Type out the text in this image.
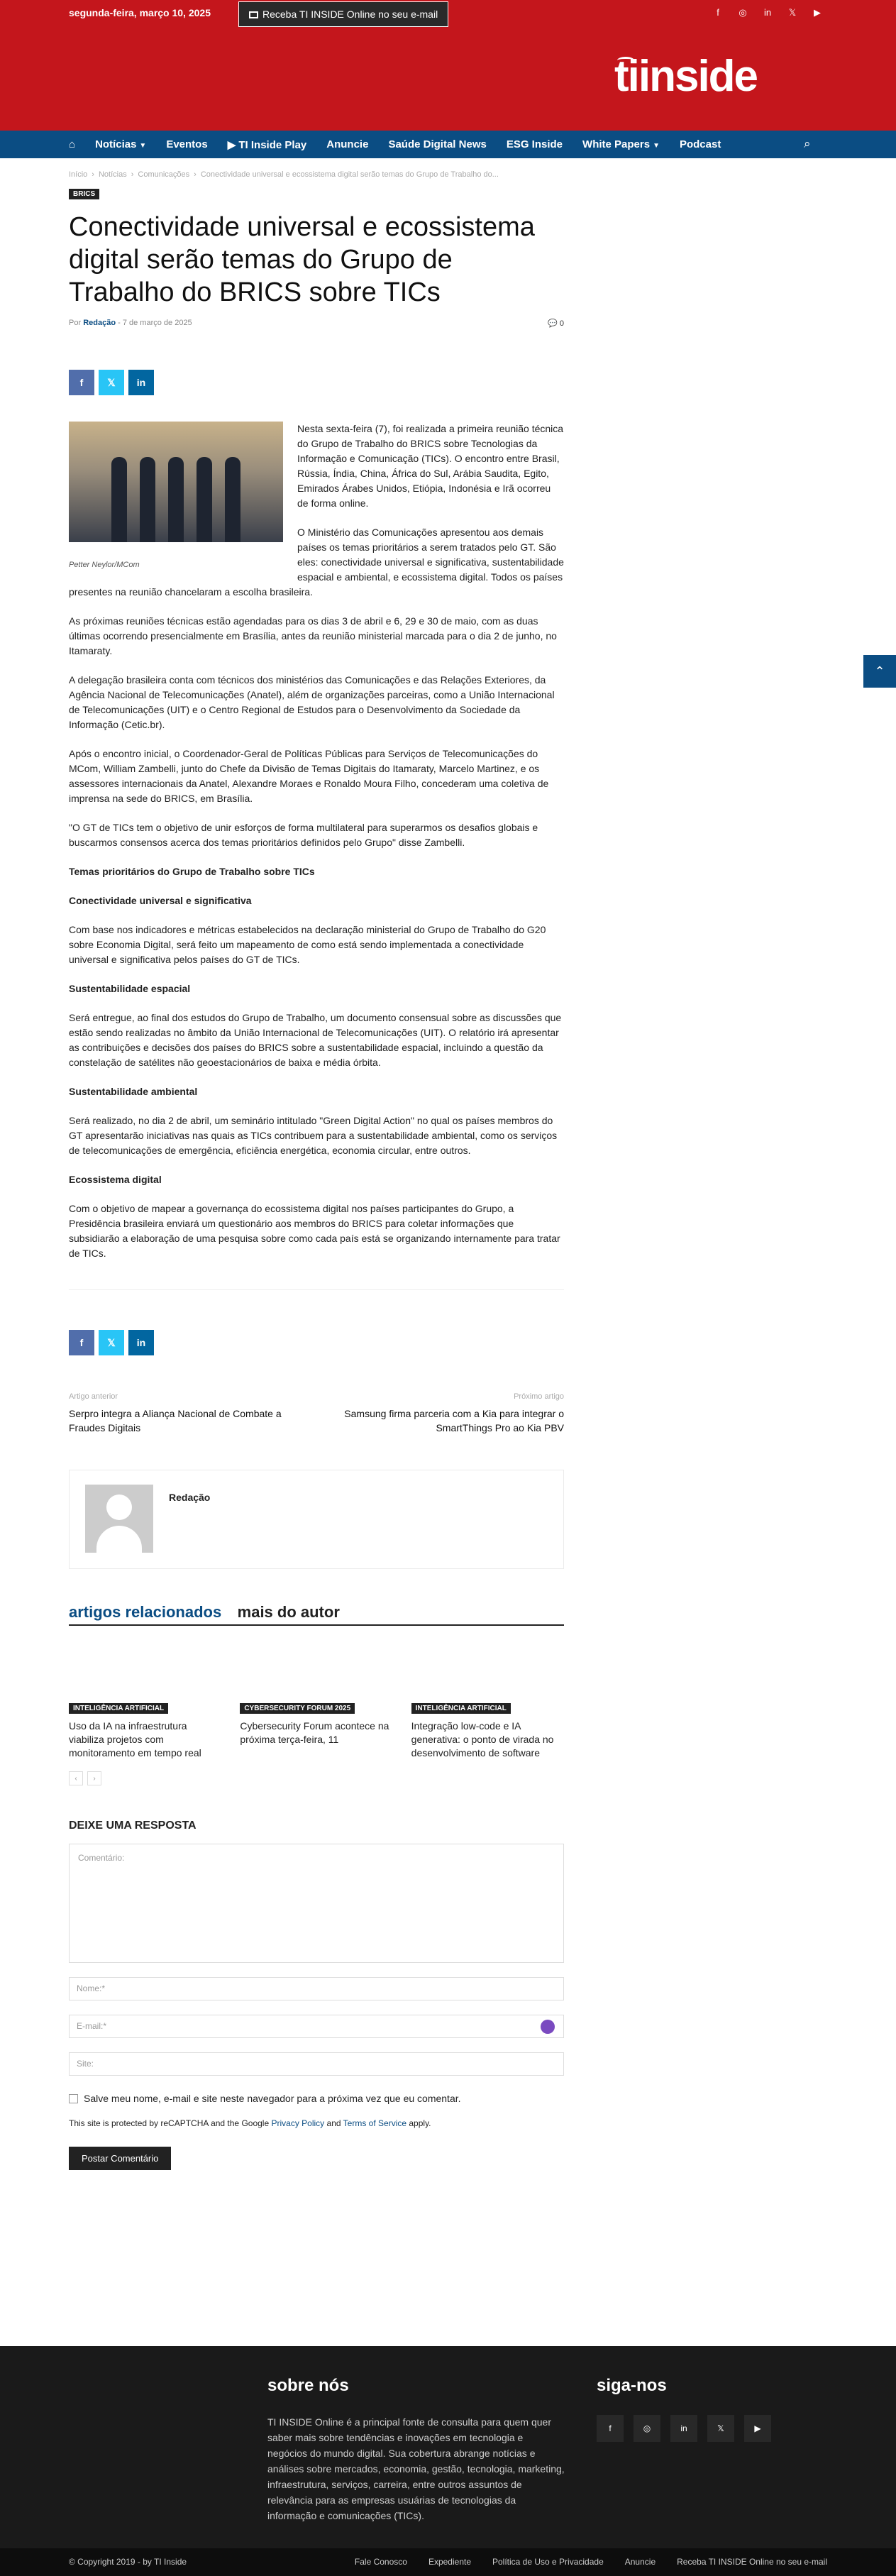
segunda-feira, março 10, 2025	Receba TI INSIDE Online no seu e-mail	f	◎ in 𝕏 ▶
tiinside
⌂ Notícias ▼ Eventos ▶ TI Inside Play Anuncie Saúde Digital News ESG Inside White Papers ▼ Podcast	⌕
Início › Notícias › Comunicações › Conectividade universal e ecossistema digital serão temas do Grupo de Trabalho do...
BRICS
Conectividade universal e ecossistema digital serão temas do Grupo de Trabalho do BRICS sobre TICs
Por Redação - 7 de março de 2025	💬 0
f	𝕏	in
Petter Neylor/MCom

Nesta sexta-feira (7), foi realizada a primeira reunião técnica do Grupo de Trabalho do BRICS sobre Tecnologias da Informação e Comunicação (TICs). O encontro entre Brasil, Rússia, Índia, China, África do Sul, Arábia Saudita, Egito, Emirados Árabes Unidos, Etiópia, Indonésia e Irã ocorreu de forma online.

O Ministério das Comunicações apresentou aos demais países os temas prioritários a serem tratados pelo GT. São eles: conectividade universal e significativa, sustentabilidade espacial e ambiental, e ecossistema digital. Todos os países presentes na reunião chancelaram a escolha brasileira.

As próximas reuniões técnicas estão agendadas para os dias 3 de abril e 6, 29 e 30 de maio, com as duas últimas ocorrendo presencialmente em Brasília, antes da reunião ministerial marcada para o dia 2 de junho, no Itamaraty.

A delegação brasileira conta com técnicos dos ministérios das Comunicações e das Relações Exteriores, da Agência Nacional de Telecomunicações (Anatel), além de organizações parceiras, como a União Internacional de Telecomunicações (UIT) e o Centro Regional de Estudos para o Desenvolvimento da Sociedade da Informação (Cetic.br).

Após o encontro inicial, o Coordenador-Geral de Políticas Públicas para Serviços de Telecomunicações do MCom, William Zambelli, junto do Chefe da Divisão de Temas Digitais do Itamaraty, Marcelo Martinez, e os assessores internacionais da Anatel, Alexandre Moraes e Ronaldo Moura Filho, concederam uma coletiva de imprensa na sede do BRICS, em Brasília.

"O GT de TICs tem o objetivo de unir esforços de forma multilateral para superarmos os desafios globais e buscarmos consensos acerca dos temas prioritários definidos pelo Grupo" disse Zambelli.

Temas prioritários do Grupo de Trabalho sobre TICs
Conectividade universal e significativa

Com base nos indicadores e métricas estabelecidos na declaração ministerial do Grupo de Trabalho do G20 sobre Economia Digital, será feito um mapeamento de como está sendo implementada a conectividade universal e significativa pelos países do GT de TICs.

Sustentabilidade espacial

Será entregue, ao final dos estudos do Grupo de Trabalho, um documento consensual sobre as discussões que estão sendo realizadas no âmbito da União Internacional de Telecomunicações (UIT). O relatório irá apresentar as contribuições e decisões dos países do BRICS sobre a sustentabilidade espacial, incluindo a questão da constelação de satélites não geoestacionários de baixa e média órbita.

Sustentabilidade ambiental

Será realizado, no dia 2 de abril, um seminário intitulado "Green Digital Action" no qual os países membros do GT apresentarão iniciativas nas quais as TICs contribuem para a sustentabilidade ambiental, como os serviços de telecomunicações de emergência, eficiência energética, economia circular, entre outros.

Ecossistema digital

Com o objetivo de mapear a governança do ecossistema digital nos países participantes do Grupo, a Presidência brasileira enviará um questionário aos membros do BRICS para coletar informações que subsidiarão a elaboração de uma pesquisa sobre como cada país está se organizando internamente para tratar de TICs.

f	𝕏	in
Artigo anterior
Serpro integra a Aliança Nacional de Combate a Fraudes Digitais
Próximo artigo
Samsung firma parceria com a Kia para integrar o SmartThings Pro ao Kia PBV
Redação
artigos relacionados mais do autor
INTELIGÊNCIA ARTIFICIAL

Uso da IA na infraestrutura viabiliza projetos com monitoramento em tempo real

CYBERSECURITY FORUM 2025

Cybersecurity Forum acontece na próxima terça-feira, 11

INTELIGÊNCIA ARTIFICIAL

Integração low-code e IA generativa: o ponto de virada no desenvolvimento de software

‹	›
DEIXE UMA RESPOSTA
Comentário:
Nome:*
E-mail:*
Site:
Salve meu nome, e-mail e site neste navegador para a próxima vez que eu comentar.
This site is protected by reCAPTCHA and the Google Privacy Policy and Terms of Service apply.
Postar Comentário
⌃
sobre nós

TI INSIDE Online é a principal fonte de consulta para quem quer saber mais sobre tendências e inovações em tecnologia e negócios do mundo digital. Sua cobertura abrange notícias e análises sobre mercados, economia, gestão, tecnologia, marketing, infraestrutura, serviços, carreira, entre outros assuntos de relevância para as empresas usuárias de tecnologias da informação e comunicações (TICs).

siga-nos
f	◎	in	𝕏	▶
© Copyright 2019 - by TI Inside	Fale Conosco	Expediente	Política de Uso e Privacidade	Anuncie	Receba TI INSIDE Online no seu e-mail
